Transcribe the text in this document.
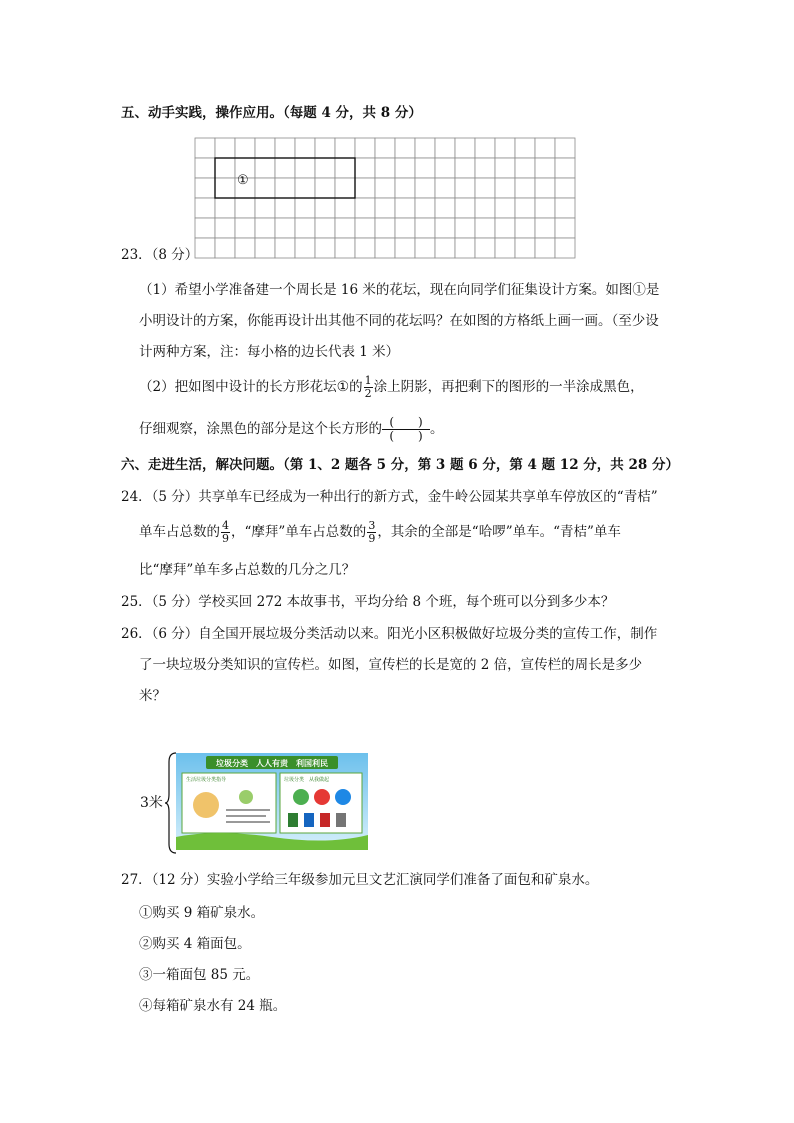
五、动手实践，操作应用。（每题 4 分，共 8 分）
①
23．（8 分）
（1）希望小学准备建一个周长是 16 米的花坛，现在向同学们征集设计方案。如图①是
小明设计的方案，你能再设计出其他不同的花坛吗？在如图的方格纸上画一画。（至少设
计两种方案，注：每小格的边长代表 1 米）
（2）把如图中设计的长方形花坛①的 $\frac{1}{2}$ 涂上阴影，再把剩下的图形的一半涂成黑色，
仔细观察，涂黑色的部分是这个长方形的 $\frac{( )}{( )}$ 。
六、走进生活，解决问题。（第 1、2 题各 5 分，第 3 题 6 分，第 4 题 12 分，共 28 分）
24．（5 分）共享单车已经成为一种出行的新方式，金牛岭公园某共享单车停放区的“青桔”
单车占总数的 $\frac{4}{9}$ ，“摩拜”单车占总数的 $\frac{3}{9}$ ，其余的全部是“哈啰”单车。“青桔”单车
比“摩拜”单车多占总数的几分之几？
25．（5 分）学校买回 272 本故事书，平均分给 8 个班，每个班可以分到多少本？
26．（6 分）自全国开展垃圾分类活动以来。阳光小区积极做好垃圾分类的宣传工作，制作
了一块垃圾分类知识的宣传栏。如图，宣传栏的长是宽的 2 倍，宣传栏的周长是多少
米？
3米
垃圾分类　人人有责　利国利民
生活垃圾分类指导	垃圾分类　从我做起
27．（12 分）实验小学给三年级参加元旦文艺汇演同学们准备了面包和矿泉水。
①购买 9 箱矿泉水。
②购买 4 箱面包。
③一箱面包 85 元。
④每箱矿泉水有 24 瓶。
